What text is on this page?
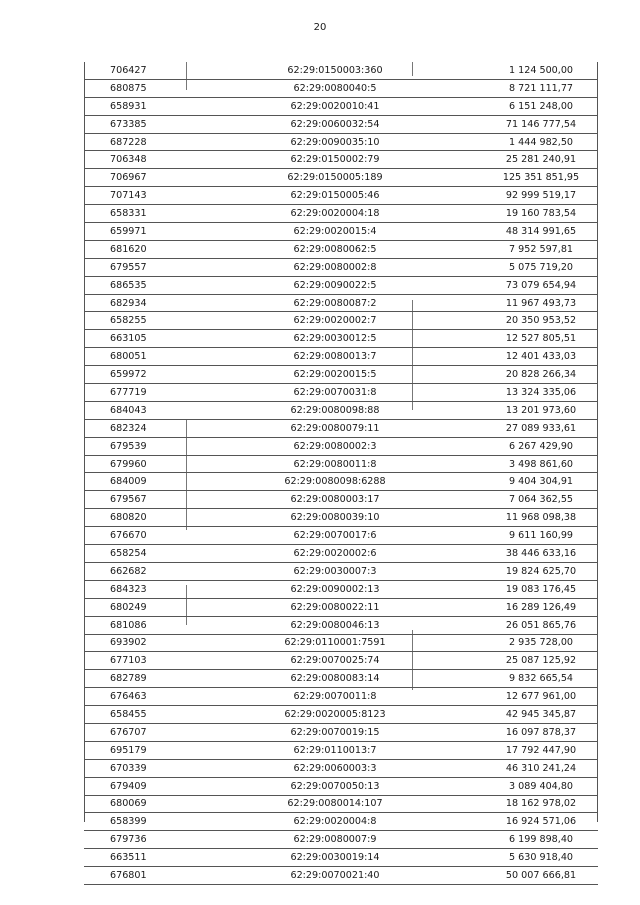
20
706427	62:29:0150003:360	1 124 500,00
680875	62:29:0080040:5	8 721 111,77
658931	62:29:0020010:41	6 151 248,00
673385	62:29:0060032:54	71 146 777,54
687228	62:29:0090035:10	1 444 982,50
706348	62:29:0150002:79	25 281 240,91
706967	62:29:0150005:189	125 351 851,95
707143	62:29:0150005:46	92 999 519,17
658331	62:29:0020004:18	19 160 783,54
659971	62:29:0020015:4	48 314 991,65
681620	62:29:0080062:5	7 952 597,81
679557	62:29:0080002:8	5 075 719,20
686535	62:29:0090022:5	73 079 654,94
682934	62:29:0080087:2	11 967 493,73
658255	62:29:0020002:7	20 350 953,52
663105	62:29:0030012:5	12 527 805,51
680051	62:29:0080013:7	12 401 433,03
659972	62:29:0020015:5	20 828 266,34
677719	62:29:0070031:8	13 324 335,06
684043	62:29:0080098:88	13 201 973,60
682324	62:29:0080079:11	27 089 933,61
679539	62:29:0080002:3	6 267 429,90
679960	62:29:0080011:8	3 498 861,60
684009	62:29:0080098:6288	9 404 304,91
679567	62:29:0080003:17	7 064 362,55
680820	62:29:0080039:10	11 968 098,38
676670	62:29:0070017:6	9 611 160,99
658254	62:29:0020002:6	38 446 633,16
662682	62:29:0030007:3	19 824 625,70
684323	62:29:0090002:13	19 083 176,45
680249	62:29:0080022:11	16 289 126,49
681086	62:29:0080046:13	26 051 865,76
693902	62:29:0110001:7591	2 935 728,00
677103	62:29:0070025:74	25 087 125,92
682789	62:29:0080083:14	9 832 665,54
676463	62:29:0070011:8	12 677 961,00
658455	62:29:0020005:8123	42 945 345,87
676707	62:29:0070019:15	16 097 878,37
695179	62:29:0110013:7	17 792 447,90
670339	62:29:0060003:3	46 310 241,24
679409	62:29:0070050:13	3 089 404,80
680069	62:29:0080014:107	18 162 978,02
658399	62:29:0020004:8	16 924 571,06
679736	62:29:0080007:9	6 199 898,40
663511	62:29:0030019:14	5 630 918,40
676801	62:29:0070021:40	50 007 666,81
